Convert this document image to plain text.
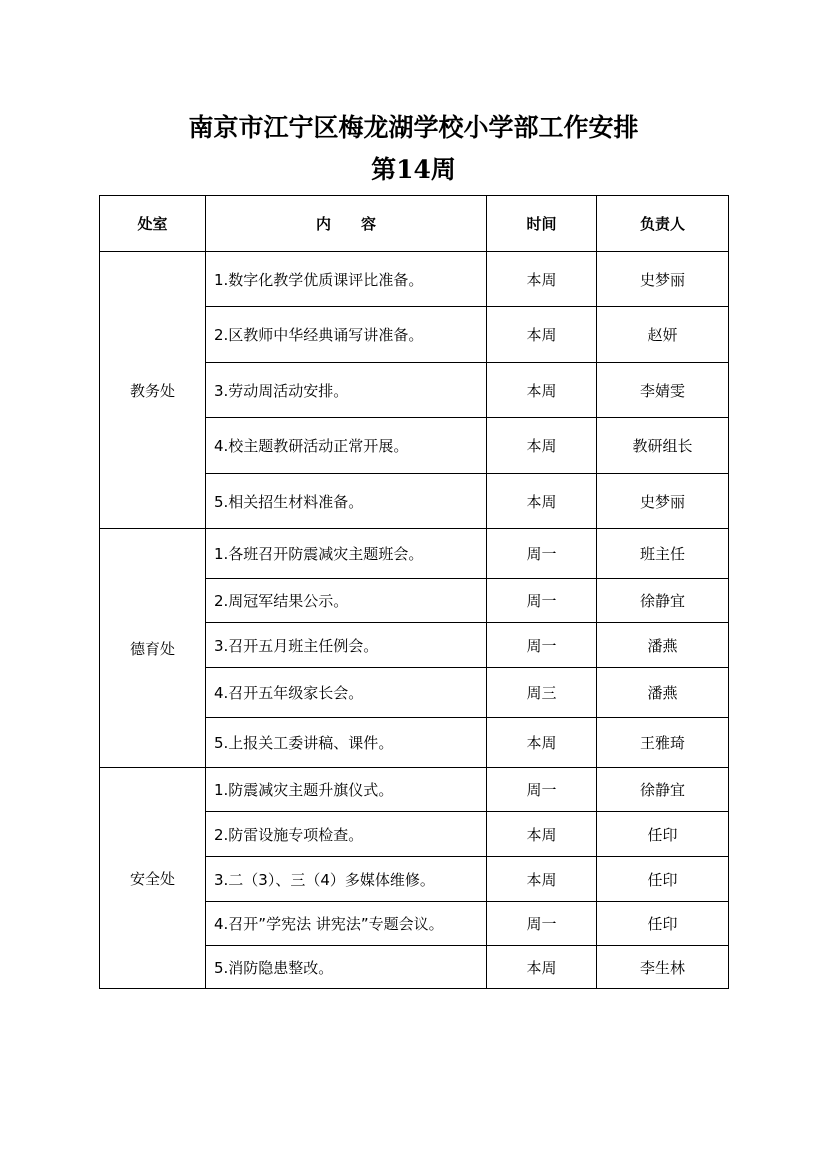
南京市江宁区梅龙湖学校小学部工作安排
第14周
处室	内　　容	时间	负责人
教务处	1.数字化教学优质课评比准备。	本周	史梦丽
	2.区教师中华经典诵写讲准备。	本周	赵妍
	3.劳动周活动安排。	本周	李婧雯
	4.校主题教研活动正常开展。	本周	教研组长
	5.相关招生材料准备。	本周	史梦丽
德育处	1.各班召开防震减灾主题班会。	周一	班主任
	2.周冠军结果公示。	周一	徐静宜
	3.召开五月班主任例会。	周一	潘燕
	4.召开五年级家长会。	周三	潘燕
	5.上报关工委讲稿、课件。	本周	王雅琦
安全处	1.防震减灾主题升旗仪式。	周一	徐静宜
	2.防雷设施专项检查。	本周	任印
	3.二（3）、三（4）多媒体维修。	本周	任印
	4.召开”学宪法 讲宪法”专题会议。	周一	任印
	5.消防隐患整改。	本周	李生林
